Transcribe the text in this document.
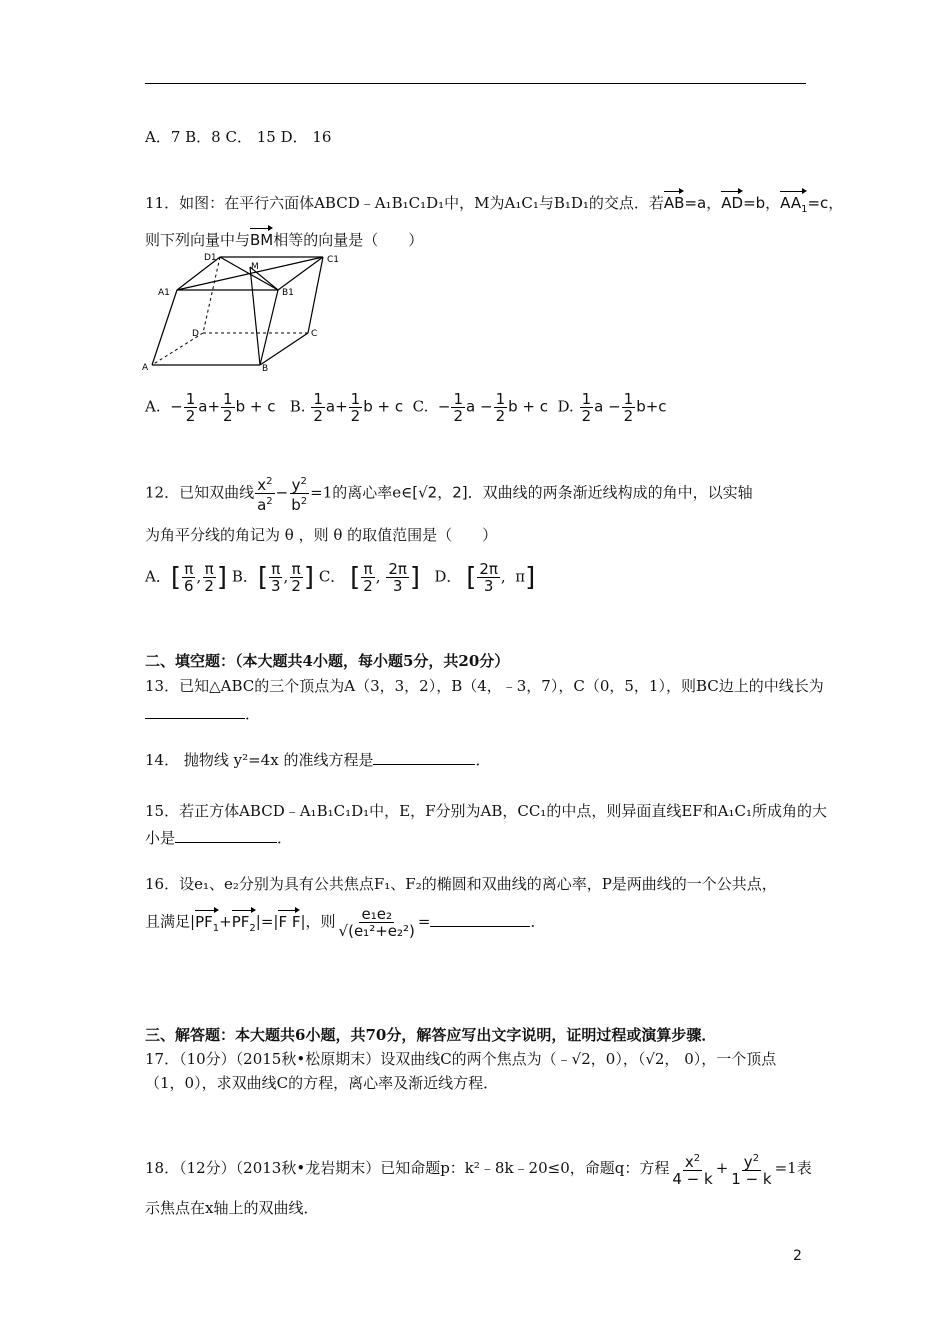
A．7 B．8 C． 15 D． 16
11．如图：在平行六面体ABCD﹣A₁B₁C₁D₁中，M为A₁C₁与B₁D₁的交点．若AB=a，AD=b，$AA_1=c$，
则下列向量中与BM相等的向量是（　　）
D1
M
C1
A1	B1
D	C
A	B
A. − $\frac{1}{2} a+ \frac{1}{2}$ b + c B. $\frac{1}{2} a+ \frac{1}{2}$ b + c C. − $\frac{1}{2}$ $a - \frac{1}{2}$ b + c D. $\frac{1}{2}$ $a - \frac{1}{2} b+c$
12．已知双曲线 $\frac{x^2}{a^2} - \frac{y^2}{b^2} =1$的离心率e∈[√2，2]．双曲线的两条渐近线构成的角中，以实轴
为角平分线的角记为 θ ，则 θ 的取值范围是（　　）
A．[ $\frac{\pi}{6}$ , $\frac{\pi}{2}$ ] B．[ $\frac{\pi}{3}$ , $\frac{\pi}{2}$ ] C． [ $\frac{\pi}{2}$ , $\frac{2\pi}{3}$ ] D． [ $\frac{2\pi}{3}$ ,  π]
二、填空题：（本大题共4小题，每小题5分，共20分）
13．已知△ABC的三个顶点为A（3，3，2），B（4，﹣3，7），C（0，5，1），则BC边上的中线长为
．
14． 抛物线 y²=4x 的准线方程是	．
15．若正方体ABCD﹣A₁B₁C₁D₁中，E，F分别为AB，CC₁的中点，则异面直线EF和A₁C₁所成角的大
小是	．
16．设e₁、e₂分别为具有公共焦点F₁、F₂的椭圆和双曲线的离心率，P是两曲线的一个公共点，
且满足$|PF_1+PF_2|=|F$ F|，则 $\frac{\text{e₁e₂}}{\text{√(e₁²+e₂²)}}$ =	．
三、解答题：本大题共6小题，共70分，解答应写出文字说明，证明过程或演算步骤．
17．（10分）（2015秋•松原期末）设双曲线C的两个焦点为（﹣√2，0），（√2， 0），一个顶点
（1，0），求双曲线C的方程，离心率及渐近线方程．
18．（12分）（2013秋•龙岩期末）已知命题p：k²﹣8k﹣20≤0，命题q：方程 $\frac{x^2}{4 - k} + \frac{y^2}{1 - k} =1$表
示焦点在x轴上的双曲线．
2
